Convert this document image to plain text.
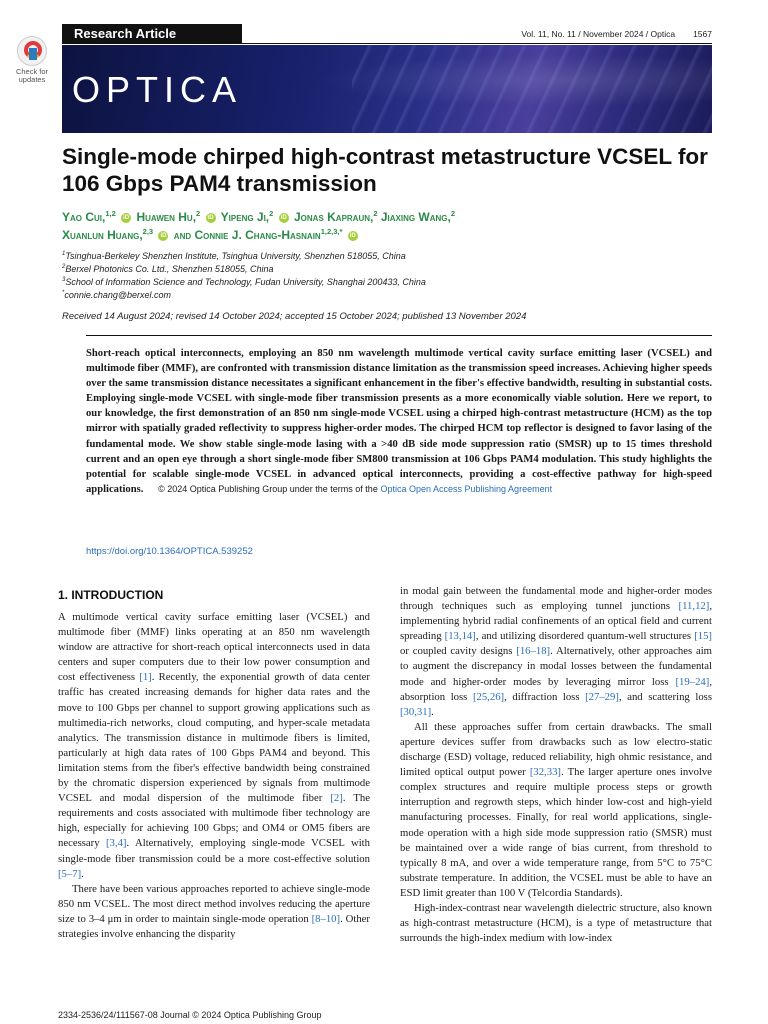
Check for updates
Research Article	Vol. 11, No. 11 / November 2024 / Optica 1567
OPTICA
Single-mode chirped high-contrast metastructure VCSEL for 106 Gbps PAM4 transmission
Yao Cui,$^{1,2}$ iD Huawen Hu,$^2$ iD Yipeng Ji,$^2$ iD Jonas Kapraun,$^2$ Jiaxing Wang,$^2$
Xuanlun Huang,$^{2,3}$ iD and Connie J. Chang-Hasnain$^{1,2,3,*}$ iD
$^1$Tsinghua-Berkeley Shenzhen Institute, Tsinghua University, Shenzhen 518055, China
$^2$Berxel Photonics Co. Ltd., Shenzhen 518055, China
$^3$School of Information Science and Technology, Fudan University, Shanghai 200433, China
*connie.chang@berxel.com
Received 14 August 2024; revised 14 October 2024; accepted 15 October 2024; published 13 November 2024
Short-reach optical interconnects, employing an 850 nm wavelength multimode vertical cavity surface emitting laser (VCSEL) and multimode fiber (MMF), are confronted with transmission distance limitation as the transmission speed increases. Achieving higher speeds over the same transmission distance necessitates a significant enhancement in the fiber's effective bandwidth, resulting in substantial costs. Employing single-mode VCSEL with single-mode fiber transmission presents as a more economically viable solution. Here we report, to our knowledge, the first demonstration of an 850 nm single-mode VCSEL using a chirped high-contrast metastructure (HCM) as the top mirror with spatially graded reflectivity to suppress higher-order modes. The chirped HCM top reflector is designed to favor lasing of the fundamental mode. We show stable single-mode lasing with a >40 dB side mode suppression ratio (SMSR) up to 15 times threshold current and an open eye through a short single-mode fiber SM800 transmission at 106 Gbps PAM4 modulation. This study highlights the potential for scalable single-mode VCSEL in advanced optical interconnects, providing a cost-effective pathway for high-speed applications. © 2024 Optica Publishing Group under the terms of the Optica Open Access Publishing Agreement
https://doi.org/10.1364/OPTICA.539252
1. INTRODUCTION

A multimode vertical cavity surface emitting laser (VCSEL) and multimode fiber (MMF) links operating at an 850 nm wavelength window are attractive for short-reach optical interconnects used in data centers and super computers due to their low power consumption and cost effectiveness [1]. Recently, the exponential growth of data center traffic has created increasing demands for higher data rates and the move to 100 Gbps per channel to support growing applications such as multimedia-rich networks, cloud computing, and hyper-scale metadata analytics. The transmission distance in multimode fibers is limited, particularly at high data rates of 100 Gbps PAM4 and beyond. This limitation stems from the fiber's effective bandwidth being constrained by the chromatic dispersion experienced by signals from multimode VCSEL and modal dispersion of the multimode fiber [2]. The requirements and costs associated with multimode fiber technology are high, especially for achieving 100 Gbps; and OM4 or OM5 fibers are necessary [3,4]. Alternatively, employing single-mode VCSEL with single-mode fiber transmission could be a more cost-effective solution [5–7].

There have been various approaches reported to achieve single-mode 850 nm VCSEL. The most direct method involves reducing the aperture size to 3–4 μm in order to maintain single-mode operation [8–10]. Other strategies involve enhancing the disparity

in modal gain between the fundamental mode and higher-order modes through techniques such as employing tunnel junctions [11,12], implementing hybrid radial confinements of an optical field and current spreading [13,14], and utilizing disordered quantum-well structures [15] or coupled cavity designs [16–18]. Alternatively, other approaches aim to augment the discrepancy in modal losses between the fundamental mode and higher-order modes by leveraging mirror loss [19–24], absorption loss [25,26], diffraction loss [27–29], and scattering loss [30,31].

All these approaches suffer from certain drawbacks. The small aperture devices suffer from drawbacks such as low electro-static discharge (ESD) voltage, reduced reliability, high ohmic resistance, and limited optical output power [32,33]. The larger aperture ones involve complex structures and require multiple process steps or growth interruption and regrowth steps, which hinder low-cost and high-yield manufacturing processes. Finally, for real world applications, single-mode operation with a high side mode suppression ratio (SMSR) must be maintained over a wide range of bias current, from threshold to typically 8 mA, and over a wide temperature range, from 5°C to 75°C substrate temperature. In addition, the VCSEL must be able to have an ESD limit greater than 100 V (Telcordia Standards).

High-index-contrast near wavelength dielectric structure, also known as high-contrast metastructure (HCM), is a type of metastructure that surrounds the high-index medium with low-index

2334-2536/24/111567-08 Journal © 2024 Optica Publishing Group
